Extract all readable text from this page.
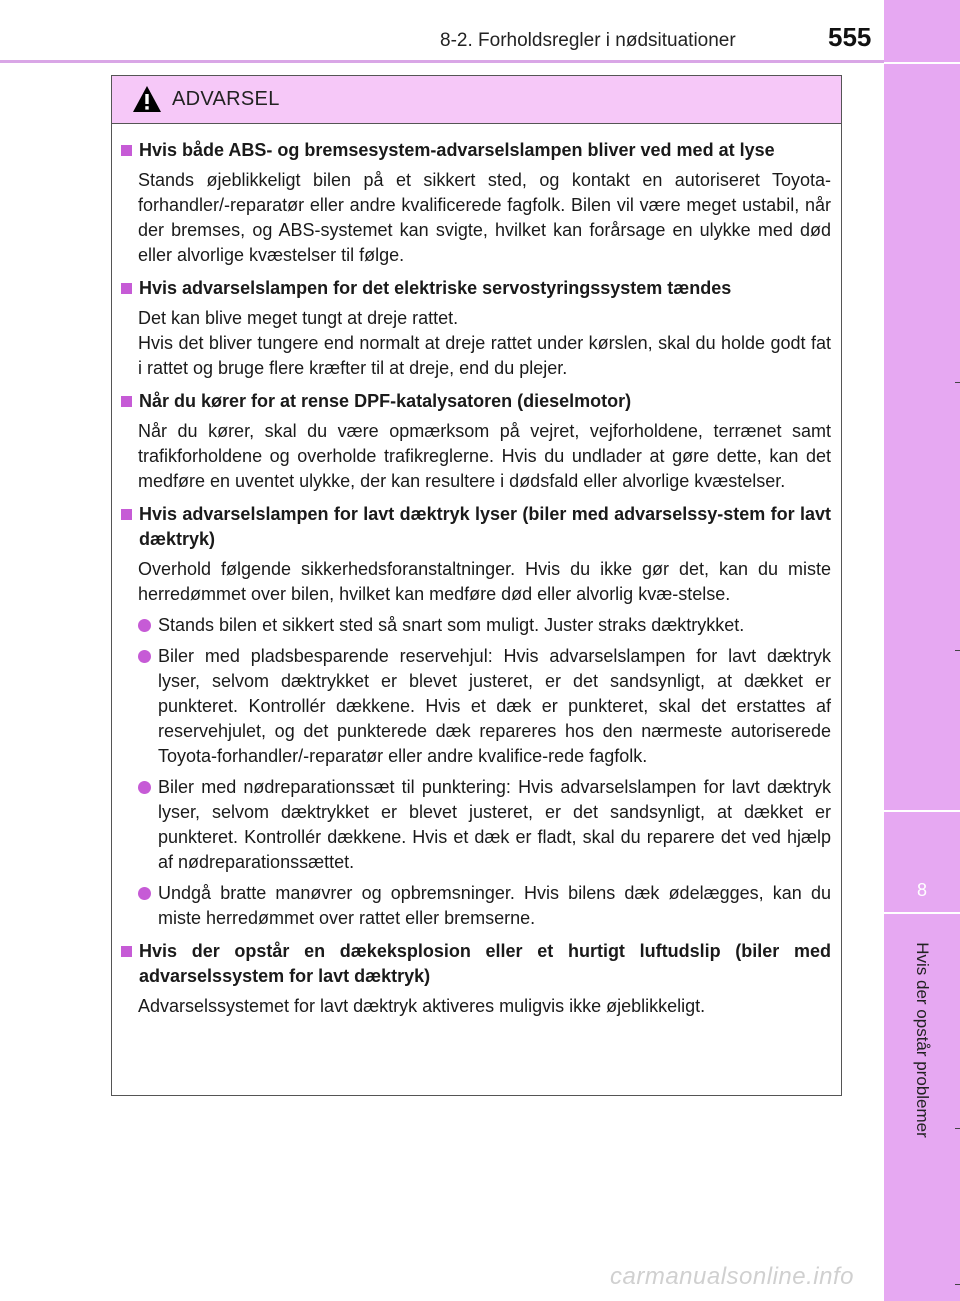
8-2. Forholdsregler i nødsituationer	555
8
Hvis der opstår problemer
ADVARSEL
Hvis både ABS- og bremsesystem-advarselslampen bliver ved med at lyse
Stands øjeblikkeligt bilen på et sikkert sted, og kontakt en autoriseret Toyota-forhandler/-reparatør eller andre kvalificerede fagfolk. Bilen vil være meget ustabil, når der bremses, og ABS-systemet kan svigte, hvilket kan forårsage en ulykke med død eller alvorlige kvæstelser til følge.
Hvis advarselslampen for det elektriske servostyringssystem tændes
Det kan blive meget tungt at dreje rattet.
Hvis det bliver tungere end normalt at dreje rattet under kørslen, skal du holde godt fat i rattet og bruge flere kræfter til at dreje, end du plejer.
Når du kører for at rense DPF-katalysatoren (dieselmotor)
Når du kører, skal du være opmærksom på vejret, vejforholdene, terrænet samt trafikforholdene og overholde trafikreglerne. Hvis du undlader at gøre dette, kan det medføre en uventet ulykke, der kan resultere i dødsfald eller alvorlige kvæstelser.
Hvis advarselslampen for lavt dæktryk lyser (biler med advarselssy-stem for lavt dæktryk)
Overhold følgende sikkerhedsforanstaltninger. Hvis du ikke gør det, kan du miste herredømmet over bilen, hvilket kan medføre død eller alvorlig kvæ-stelse.
Stands bilen et sikkert sted så snart som muligt. Juster straks dæktrykket.
Biler med pladsbesparende reservehjul: Hvis advarselslampen for lavt dæktryk lyser, selvom dæktrykket er blevet justeret, er det sandsynligt, at dækket er punkteret. Kontrollér dækkene. Hvis et dæk er punkteret, skal det erstattes af reservehjulet, og det punkterede dæk repareres hos den nærmeste autoriserede Toyota-forhandler/-reparatør eller andre kvalifice-rede fagfolk.
Biler med nødreparationssæt til punktering: Hvis advarselslampen for lavt dæktryk lyser, selvom dæktrykket er blevet justeret, er det sandsynligt, at dækket er punkteret. Kontrollér dækkene. Hvis et dæk er fladt, skal du reparere det ved hjælp af nødreparationssættet.
Undgå bratte manøvrer og opbremsninger. Hvis bilens dæk ødelægges, kan du miste herredømmet over rattet eller bremserne.
Hvis der opstår en dækeksplosion eller et hurtigt luftudslip (biler med advarselssystem for lavt dæktryk)
Advarselssystemet for lavt dæktryk aktiveres muligvis ikke øjeblikkeligt.
carmanualsonline.info
